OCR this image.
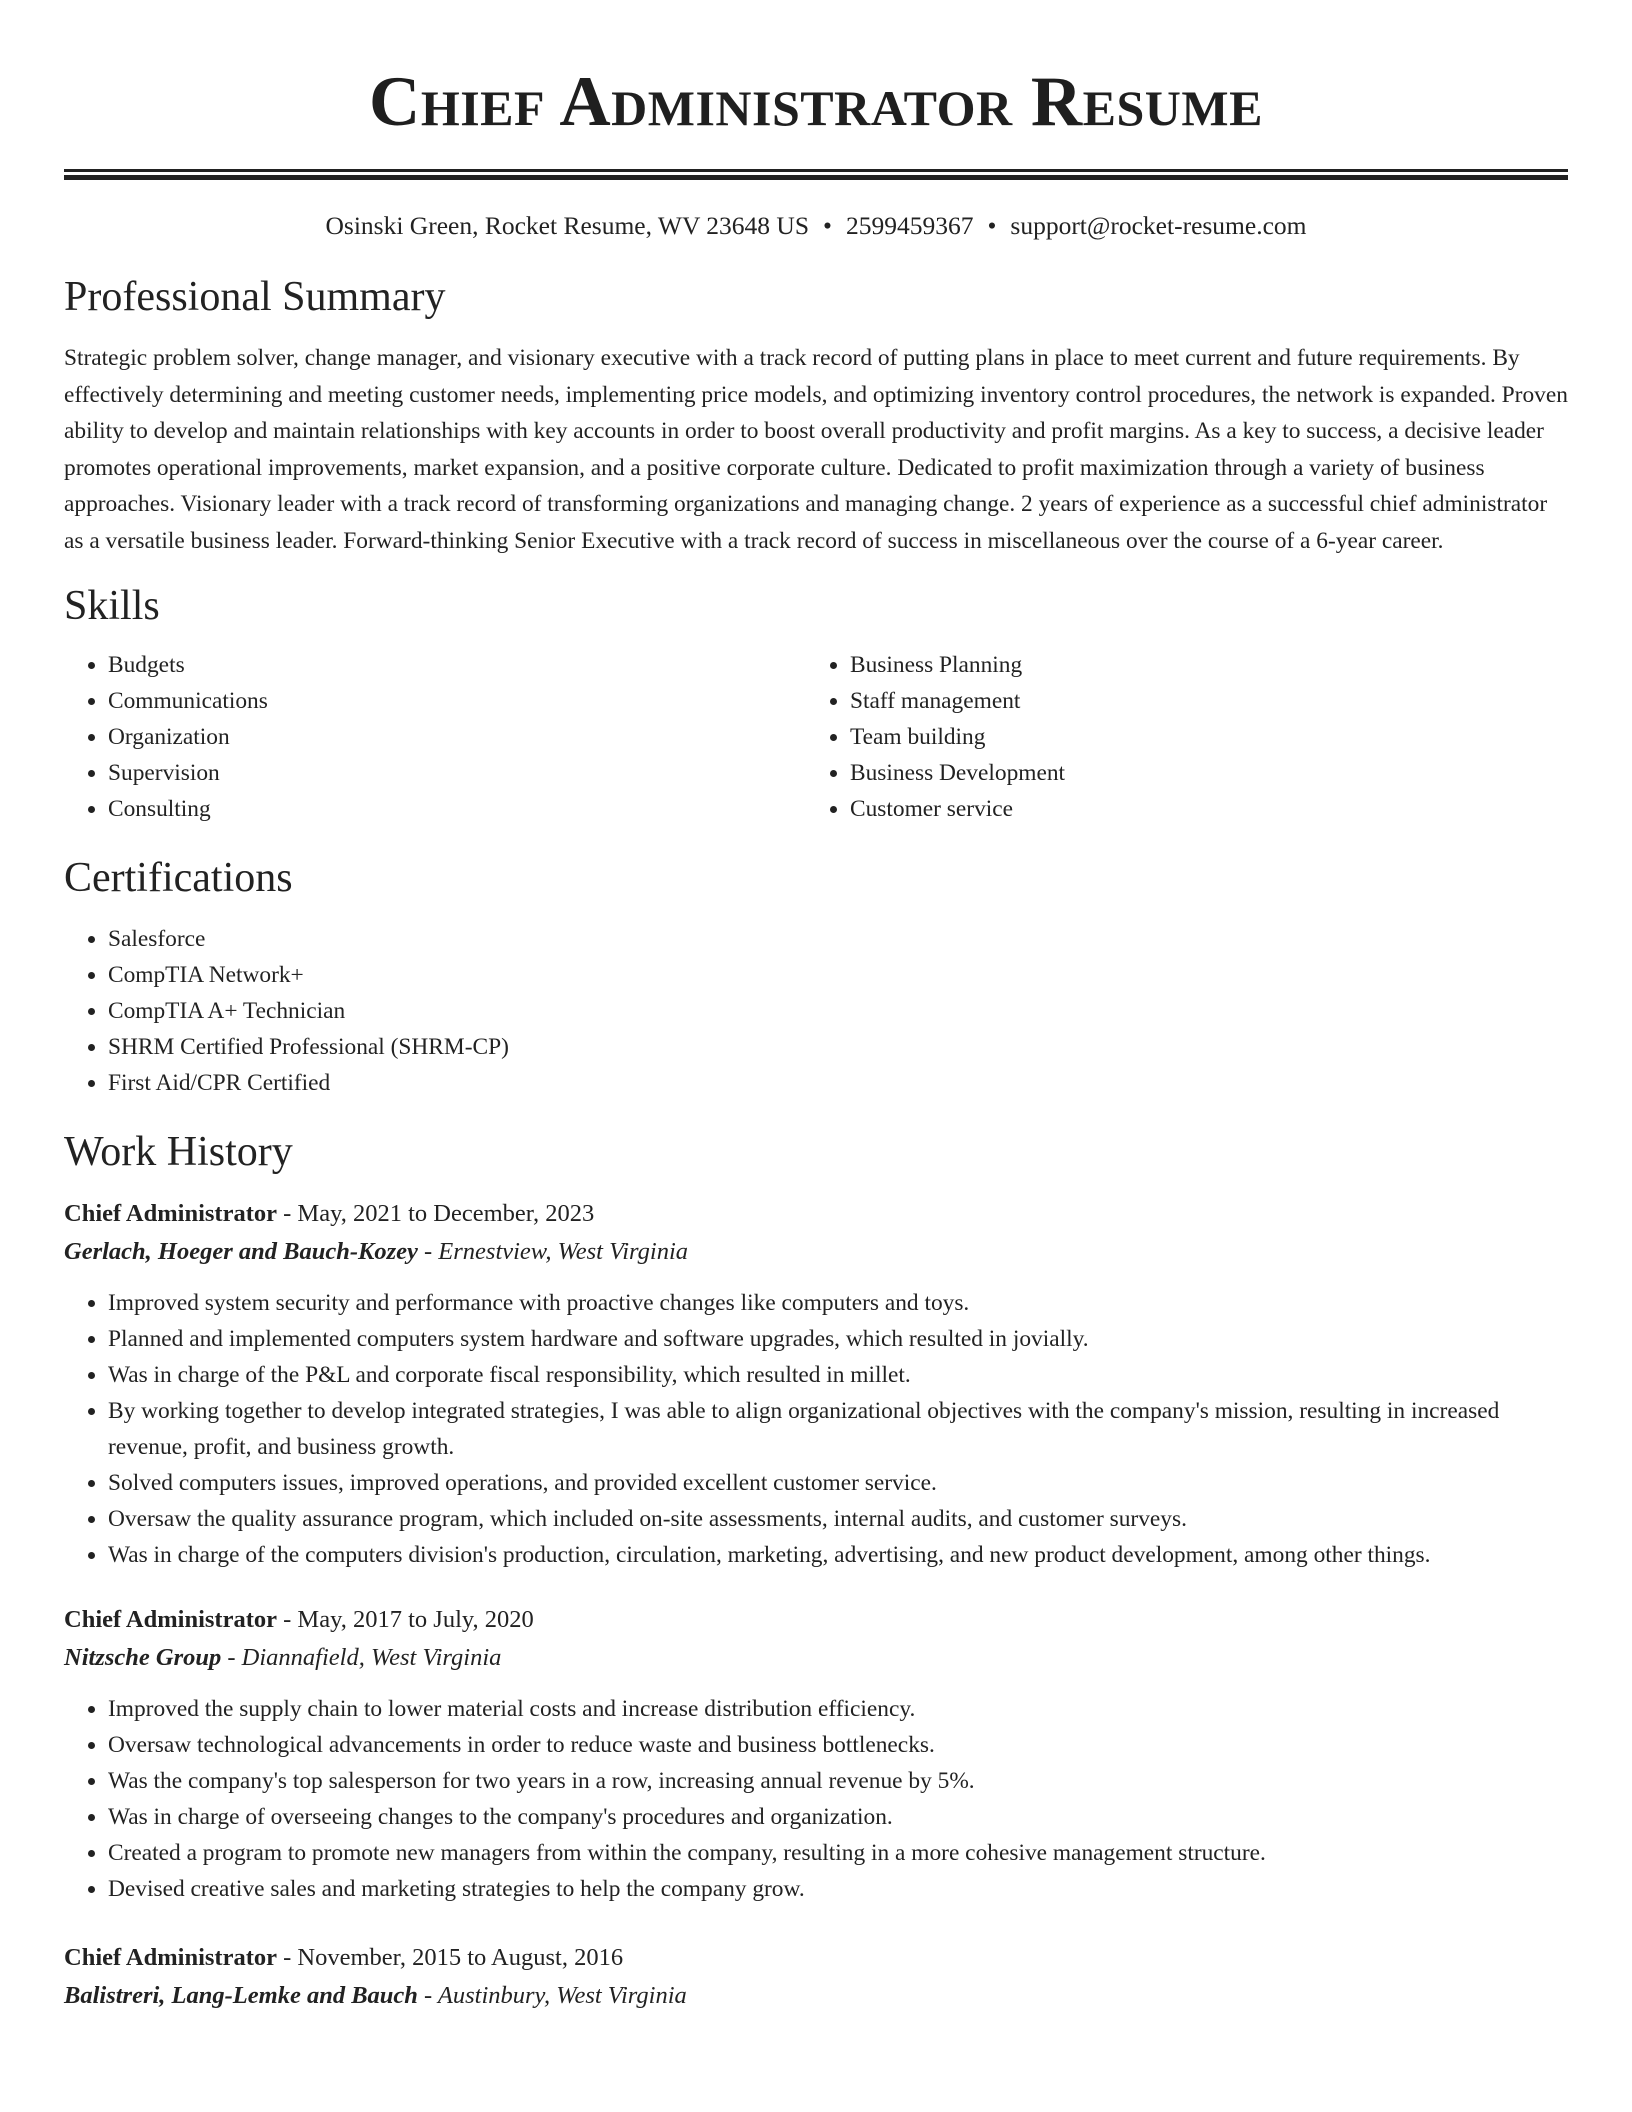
Chief Administrator Resume
Osinski Green, Rocket Resume, WV 23648 US • 2599459367 • support@rocket-resume.com
Professional Summary

Strategic problem solver, change manager, and visionary executive with a track record of putting plans in place to meet current and future requirements. By effectively determining and meeting customer needs, implementing price models, and optimizing inventory control procedures, the network is expanded. Proven ability to develop and maintain relationships with key accounts in order to boost overall productivity and profit margins. As a key to success, a decisive leader promotes operational improvements, market expansion, and a positive corporate culture. Dedicated to profit maximization through a variety of business approaches. Visionary leader with a track record of transforming organizations and managing change. 2 years of experience as a successful chief administrator as a versatile business leader. Forward-thinking Senior Executive with a track record of success in miscellaneous over the course of a 6-year career.

Skills
• Budgets
• Communications
• Organization
• Supervision
• Consulting
• Business Planning
• Staff management
• Team building
• Business Development
• Customer service
Certifications
• Salesforce
• CompTIA Network+
• CompTIA A+ Technician
• SHRM Certified Professional (SHRM-CP)
• First Aid/CPR Certified
Work History
Chief Administrator - May, 2021 to December, 2023
Gerlach, Hoeger and Bauch-Kozey - Ernestview, West Virginia
• Improved system security and performance with proactive changes like computers and toys.
• Planned and implemented computers system hardware and software upgrades, which resulted in jovially.
• Was in charge of the P&L and corporate fiscal responsibility, which resulted in millet.
• By working together to develop integrated strategies, I was able to align organizational objectives with the company's mission, resulting in increased revenue, profit, and business growth.
• Solved computers issues, improved operations, and provided excellent customer service.
• Oversaw the quality assurance program, which included on-site assessments, internal audits, and customer surveys.
• Was in charge of the computers division's production, circulation, marketing, advertising, and new product development, among other things.
Chief Administrator - May, 2017 to July, 2020
Nitzsche Group - Diannafield, West Virginia
• Improved the supply chain to lower material costs and increase distribution efficiency.
• Oversaw technological advancements in order to reduce waste and business bottlenecks.
• Was the company's top salesperson for two years in a row, increasing annual revenue by 5%.
• Was in charge of overseeing changes to the company's procedures and organization.
• Created a program to promote new managers from within the company, resulting in a more cohesive management structure.
• Devised creative sales and marketing strategies to help the company grow.
Chief Administrator - November, 2015 to August, 2016
Balistreri, Lang-Lemke and Bauch - Austinbury, West Virginia
